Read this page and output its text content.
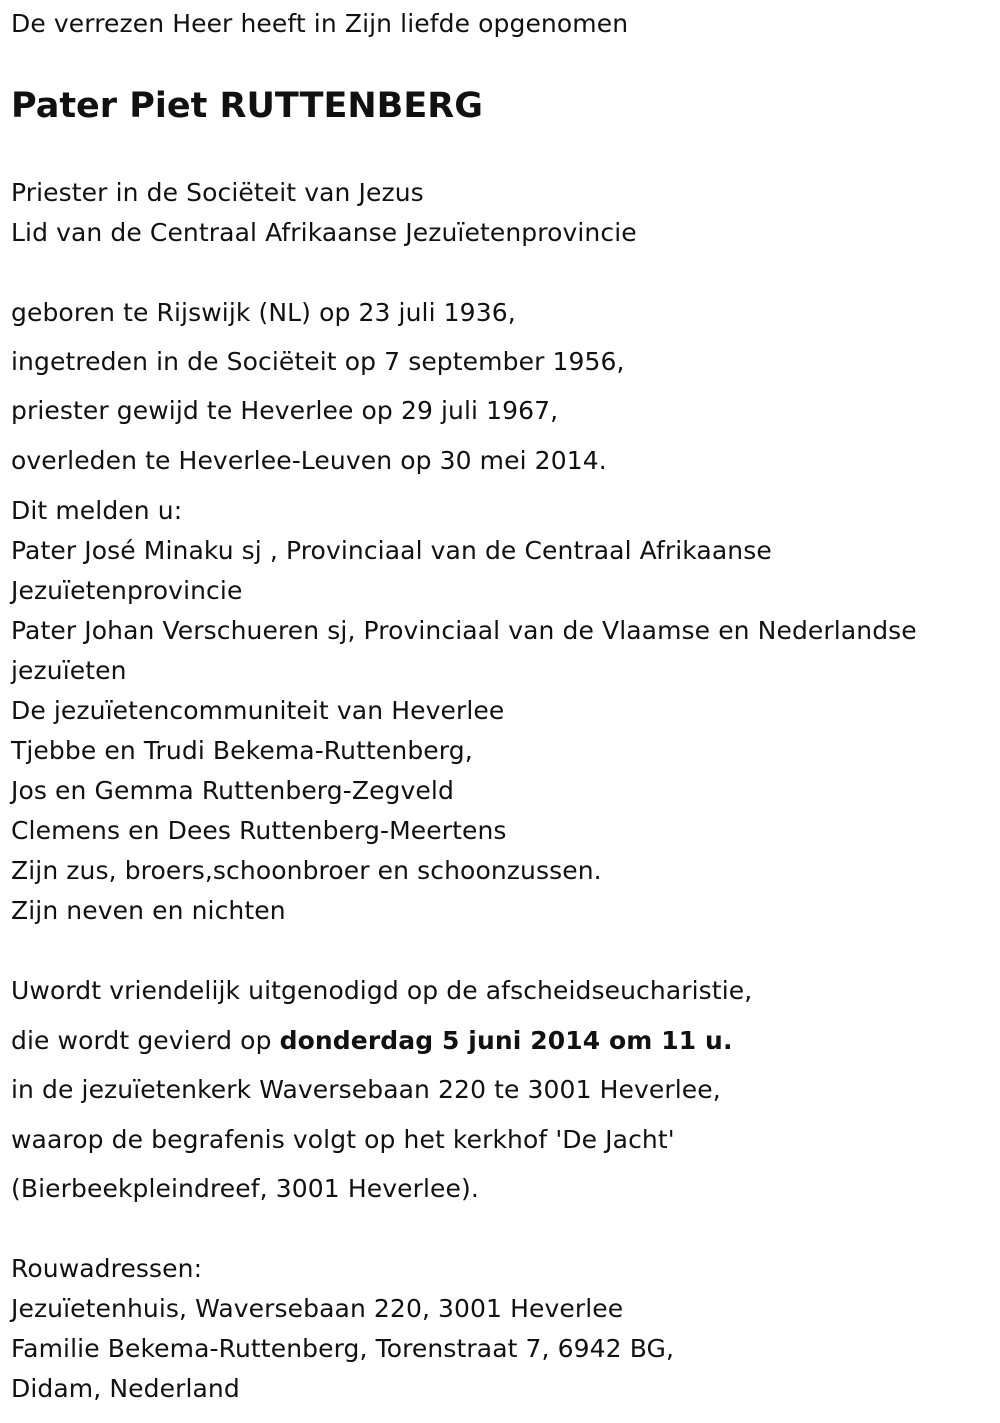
De verrezen Heer heeft in Zijn liefde opgenomen
Pater Piet RUTTENBERG
Priester in de Sociëteit van Jezus
Lid van de Centraal Afrikaanse Jezuïetenprovincie
geboren te Rijswijk (NL) op 23 juli 1936,
ingetreden in de Sociëteit op 7 september 1956,
priester gewijd te Heverlee op 29 juli 1967,
overleden te Heverlee-Leuven op 30 mei 2014.
Dit melden u:
Pater José Minaku sj , Provinciaal van de Centraal Afrikaanse
Jezuïetenprovincie
Pater Johan Verschueren sj, Provinciaal van de Vlaamse en Nederlandse
jezuïeten
De jezuïetencommuniteit van Heverlee
Tjebbe en Trudi Bekema-Ruttenberg,
Jos en Gemma Ruttenberg-Zegveld
Clemens en Dees Ruttenberg-Meertens
Zijn zus, broers,schoonbroer en schoonzussen.
Zijn neven en nichten
Uwordt vriendelijk uitgenodigd op de afscheidseucharistie,
die wordt gevierd op donderdag 5 juni 2014 om 11 u.
in de jezuïetenkerk Waversebaan 220 te 3001 Heverlee,
waarop de begrafenis volgt op het kerkhof 'De Jacht'
(Bierbeekpleindreef, 3001 Heverlee).
Rouwadressen:
Jezuïetenhuis, Waversebaan 220, 3001 Heverlee
Familie Bekema-Ruttenberg, Torenstraat 7, 6942 BG,
Didam, Nederland
